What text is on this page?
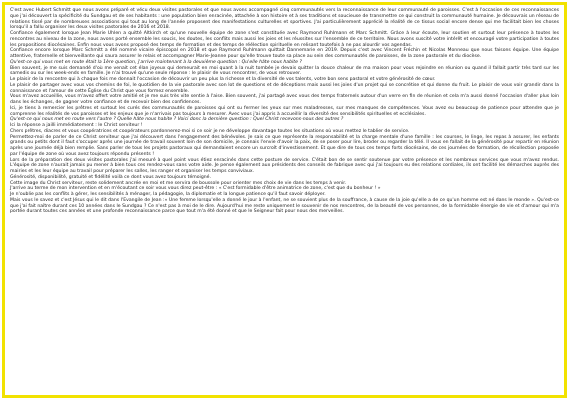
C'est avec Hubert Schmitt que nous avons préparé et vécu deux visites pastorales et que nous avons accompagné cinq communautés vers la reconnaissance de leur communauté de paroisses. C'est à l'occasion de ces reconnaissances que j'ai découvert la spécificité du Sundgau et de ses habitants : une population bien enracinée, attachée à son histoire et à ses traditions et soucieuse de transmettre ce qui construit la communauté humaine. Je découvrais un réseau de relations tissé par de nombreuses associations qui tout au long de l'année proposent des manifestations culturelles et sportives. J'ai particulièrement apprécié la réalité de ce tissus social encore dense qui me facilitait bien les choses lorsqu'il a fallu organiser les deux visites pastorales de 2016 et 2018.

Confiance également lorsque Jean Marie Uhlen a quitté Altkirch et qu'une nouvelle équipe de zone s'est constituée avec Raymond Ruhlmann et Marc Schmitt. Grâce à leur écoute, leur soutien et surtout leur présence à toutes les rencontres au niveau de la zone, nous avons porté ensemble les soucis, les doutes, les conflits mais aussi les joies et les réussites sur l'ensemble de ce territoire. Nous avons suscité votre intérêt et encouragé votre participation à toutes les propositions diocésaines. Enfin nous vous avons proposé des temps de formation et des temps de réélection spirituelle en relisant toutefois à ne pas alourdir vos agendas.

Confiance encore lorsque Marc Schmitt a été nommé vicaire épiscopal en 2018 et que Raymond Ruhlmann quittait Dannemarie en 2019. Depuis c'est avec Vincent Fréchin et Nicolas Monneau que nous faisons équipe. Une équipe attentive, fraternelle et bienveillante qui saura assurer le relais et accompagner Marie-Jeanne pour qu'elle trouve toute sa place au sein des communautés de paroisses, de la zone pastorale et du diocèse.

Qu'est-ce qui vous met en route était la 1ère question, j'arrive maintenant à la deuxième question : Qu'elle hâte nous habite ?

Bien souvent, je me suis demandé d'où me venait cet élan joyeux qui demeurait en moi quant à la nuit tombée je devais quitter la douce chaleur de ma maison pour vous rejoindre en réunion ou quand il fallait partir très tard sur les samedis ou sur les week-ends en famille. Je n'ai trouvé qu'une seule réponse : le plaisir de vous rencontrer, de vous retrouver.

Le plaisir de la rencontre qui à chaque fois me donnait l'occasion de découvrir un peu plus la richesse et la diversité de vos talents, votre bon sens pastoral et votre générosité de cœur.

Le plaisir de partager avec vous vos chemins de foi, le quotidien de la vie pastorale avec son lot de questions et de déceptions mais aussi les joies d'un projet qui se concrétise et qui donne du fruit. Le plaisir de vous voir grandir dans la connaissance et l'amour de cette Église du Christ que vous formez ensemble.

Vous m'avez accueillie, vous m'avez offert votre amitié et je me suis très vite sentie à l'aise. Bien souvent, j'ai partagé avec vous des temps fraternels autour d'un verre en fin de réunion et cela m'a aussi donné l'occasion d'aller plus loin dans les échanges, de gagner votre confiance et de recevoir bien des confidences.

Ici, je tiens à remercier les prêtres et surtout les curés des communautés de paroisses qui ont su fermer les yeux sur mes maladresses, sur mes manques de compétences. Vous avez eu beaucoup de patience pour attendre que je comprenne les réalités de vos paroisses et les enjeux que je n'arrivais pas toujours à mesurer. Avec vous j'ai appris à accueillir la diversité des sensibilités spirituelles et ecclésiales.

Qu'est-ce qui nous met en route vers l'autre ? Quelle hâte nous habite ? Voici donc la dernière question : Quel Christ recevons-nous des autres ?

Ici la réponse a jailli immédiatement : le Christ serviteur !

Chers prêtres, diacres et vous coopératrices et coopérateurs pardonnerez-moi si ce soir je ne développe davantage toutes les situations où vous mettez le tablier de service.

Permettez-moi de parler de ce Christ serviteur que j'ai découvert dans l'engagement des bénévoles. Je sais ce que représente la responsabilité et la charge mentale d'une famille : les courses, le linge, les repas à assurer, les enfants grands ou petits dont il faut s'occuper après une journée de travail souvent loin de son domicile, je connais l'envie d'avoir la paix, de se poser pour lire, broder ou regarder la télé. Il vous en fallait de la générosité pour repartir en réunion après une journée déjà bien remplie. Sans parler de tous les projets pastoraux qui demandaient encore un surcroît d'investissement. Et que dire de tous ces temps forts diocésains, de ces journées de formation, de récollection proposée par l'équipe de zone où vous avez toujours répondu présents !

Lors de la préparation des deux visites pastorales j'ai mesuré à quel point vous étiez enracinés dans cette posture de service. C'était bon de se sentir soutenue par votre présence et les nombreux services que vous m'avez rendus. L'équipe de zone n'aurait jamais pu mener à bien tous ces rendez-vous sans votre aide. Je pense également aux présidents des conseils de fabrique avec qui j'ai toujours eu des relations cordiales, ils ont facilité les démarches auprès des mairies et les leur équipe au travail pour préparer les salles, les ranger et organiser les temps conviviaux.

Générosité, disponibilité, gratuité et fidélité voilà ce dont vous avez toujours témoigné.

Cette image du Christ serviteur, reste solidement ancrée en moi et me servira de boussole pour orienter mes choix de vie dans les temps à venir.

J'arrive au terme de mon intervention et en m'écoutant ce soir vous vous direz peut-être : « C'est formidable d'être animatrice de zone, c'est que du bonheur ! »

Je n'oublie pas les conflits à gérer, les sensibilités à ménager, la pédagogie, la diplomatie et la longue patience qu'il faut savoir déployer.

Mais vous le savez et c'est Jésus qui le dit dans l'Evangile de Jean :« Une femme lorsqu'elle a donné le jour à l'enfant, ne se souvient plus de la souffrance, à cause de la joie qu'elle a de ce qu'un homme est né dans le monde ». Qu'est-ce que j'ai fait naître durant ces 10 années dans le Sundgau ? Ce n'est pas à moi de le dire. Aujourd'hui me reste uniquement le souvenir de nos rencontres, de la beauté de vos personnes, de la formidable énergie de vie et d'amour qui m'a portée durant toutes ces années et une profonde reconnaissance parce que tout m'a été donné et que le Seigneur fait pour nous des merveilles.
